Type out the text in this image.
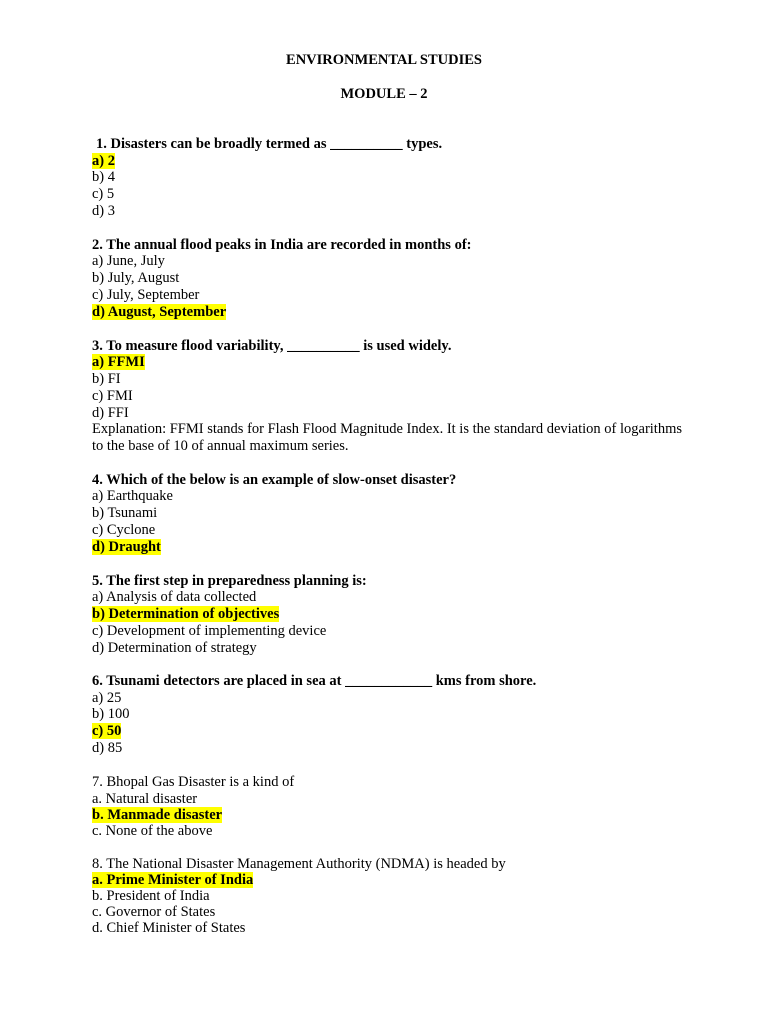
ENVIRONMENTAL STUDIES
MODULE – 2
1. Disasters can be broadly termed as __________ types.
a) 2
b) 4
c) 5
d) 3
2. The annual flood peaks in India are recorded in months of:
a) June, July
b) July, August
c) July, September
d) August, September
3. To measure flood variability, __________ is used widely.
a) FFMI
b) FI
c) FMI
d) FFI
Explanation: FFMI stands for Flash Flood Magnitude Index. It is the standard deviation of logarithms to the base of 10 of annual maximum series.
4. Which of the below is an example of slow-onset disaster?
a) Earthquake
b) Tsunami
c) Cyclone
d) Draught
5. The first step in preparedness planning is:
a) Analysis of data collected
b) Determination of objectives
c) Development of implementing device
d) Determination of strategy
6. Tsunami detectors are placed in sea at ____________ kms from shore.
a) 25
b) 100
c) 50
d) 85
7. Bhopal Gas Disaster is a kind of
a. Natural disaster
b. Manmade disaster
c. None of the above
8. The National Disaster Management Authority (NDMA) is headed by
a. Prime Minister of India
b. President of India
c. Governor of States
d. Chief Minister of States
